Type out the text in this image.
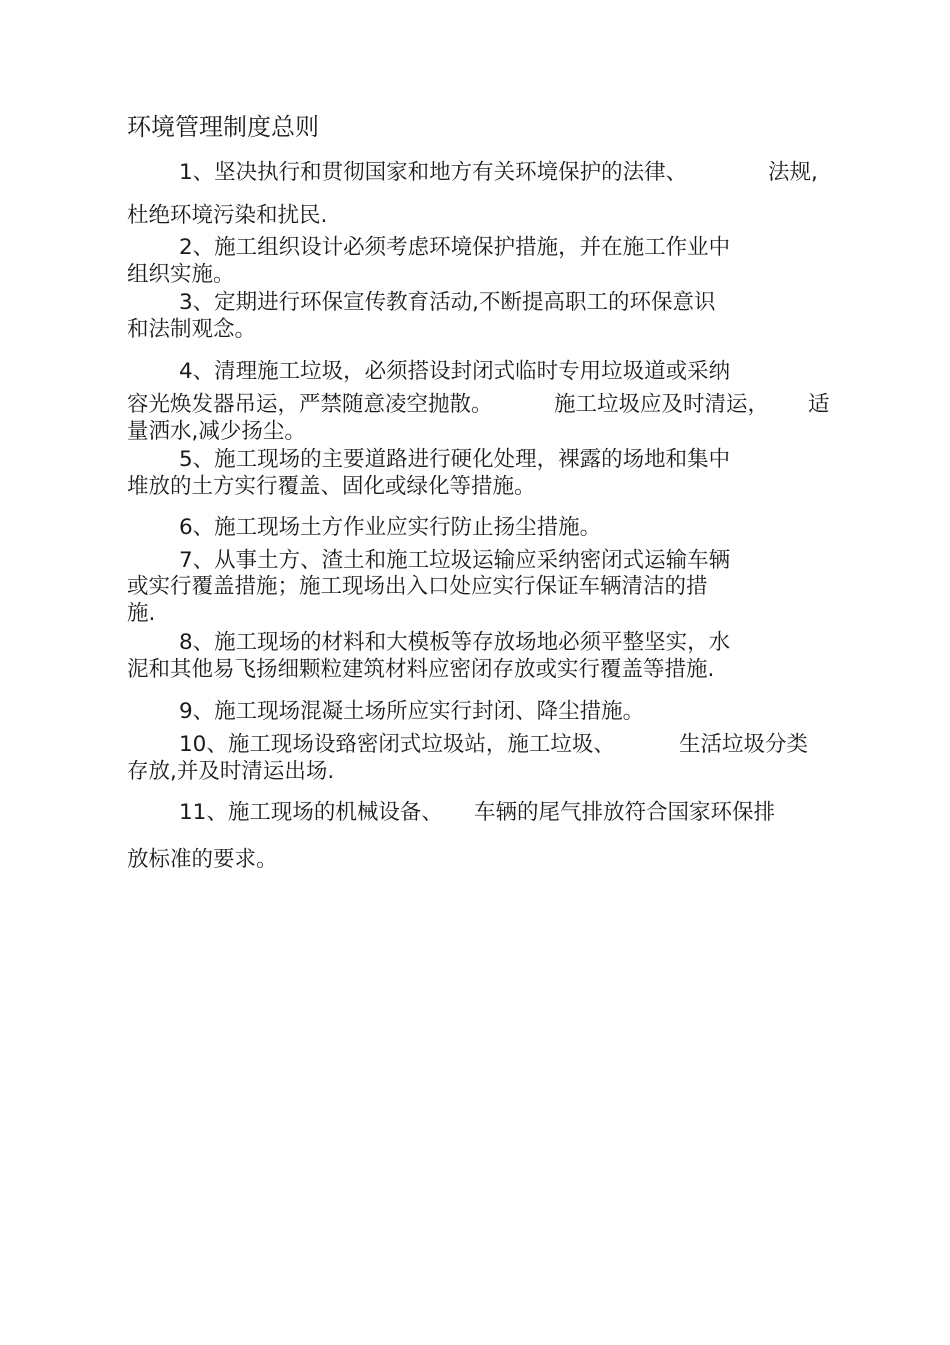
环境管理制度总则
1、坚决执行和贯彻国家和地方有关环境保护的法律、	法规,
杜绝环境污染和扰民.
2、施工组织设计必须考虑环境保护措施，并在施工作业中
组织实施。
3、定期进行环保宣传教育活动,不断提高职工的环保意识
和法制观念。
4、清理施工垃圾，必须搭设封闭式临时专用垃圾道或采纳
容光焕发器吊运，严禁随意凌空抛散。	施工垃圾应及时清运， 适
量洒水,减少扬尘。
5、施工现场的主要道路进行硬化处理，裸露的场地和集中
堆放的土方实行覆盖、固化或绿化等措施。
6、施工现场土方作业应实行防止扬尘措施。
7、从事土方、渣土和施工垃圾运输应采纳密闭式运输车辆
或实行覆盖措施；施工现场出入口处应实行保证车辆清洁的措
施.
8、施工现场的材料和大模板等存放场地必须平整坚实，水
泥和其他易飞扬细颗粒建筑材料应密闭存放或实行覆盖等措施.
9、施工现场混凝土场所应实行封闭、降尘措施。
10、施工现场设臵密闭式垃圾站，施工垃圾、	生活垃圾分类
存放,并及时清运出场.
11、施工现场的机械设备、 车辆的尾气排放符合国家环保排
放标准的要求。
